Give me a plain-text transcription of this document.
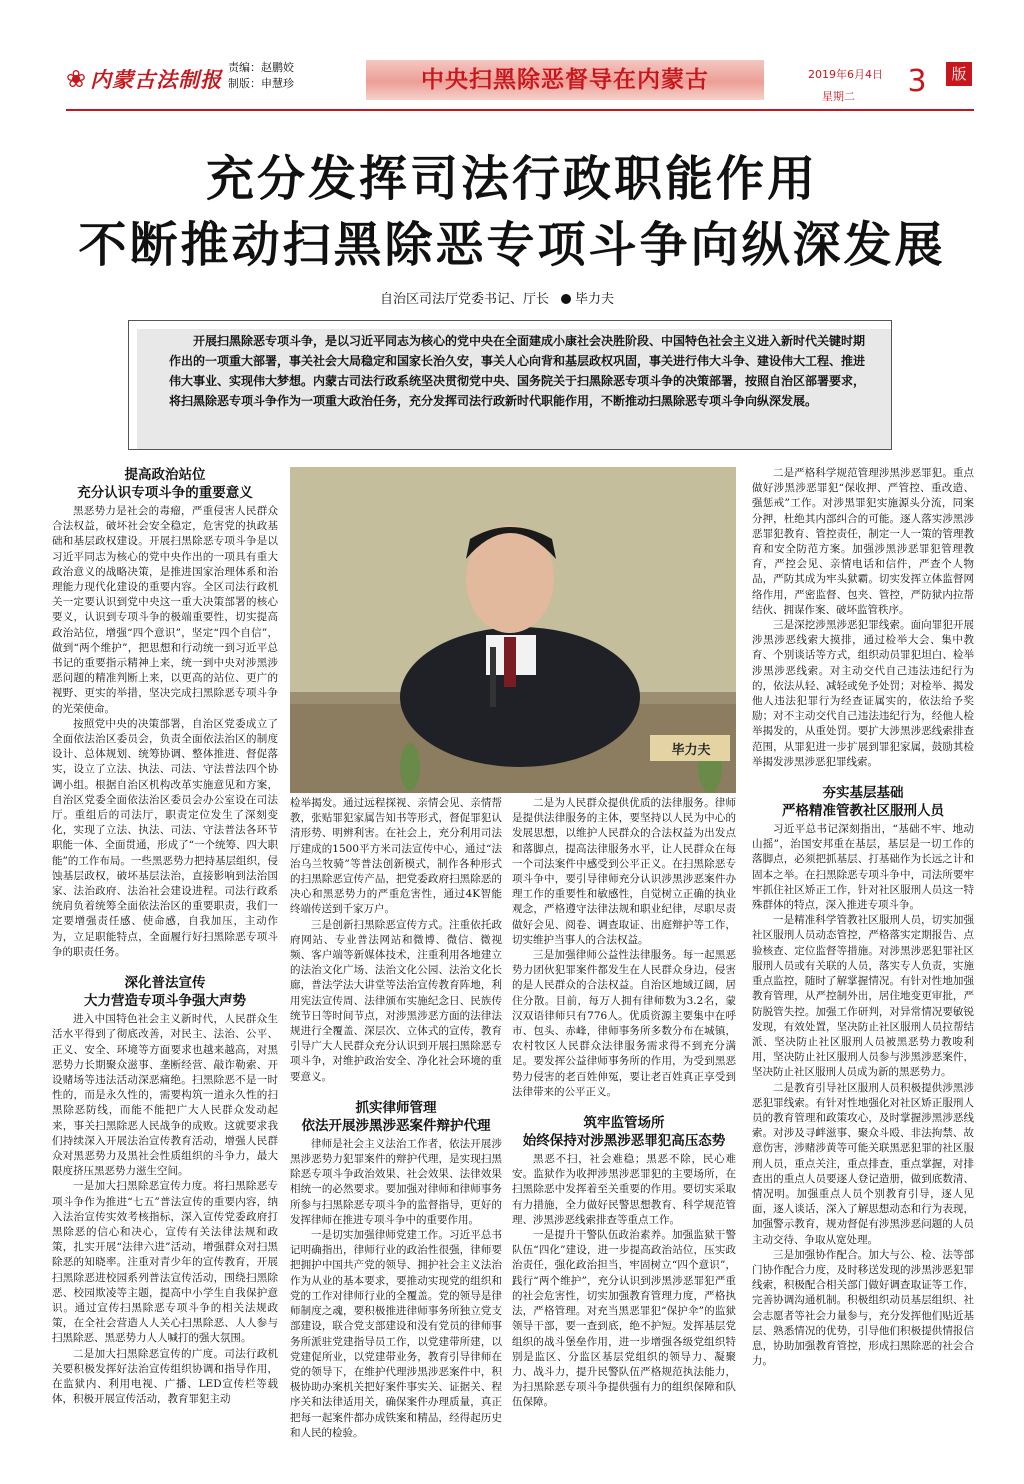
❀ 内蒙古法制报
责编：赵鹏姣
制版：申慧珍	中央扫黑除恶督导在内蒙古	2019年6月4日
星期二	3	版
充分发挥司法行政职能作用
不断推动扫黑除恶专项斗争向纵深发展
自治区司法厅党委书记、厅长 毕力夫

开展扫黑除恶专项斗争，是以习近平同志为核心的党中央在全面建成小康社会决胜阶段、中国特色社会主义进入新时代关键时期作出的一项重大部署，事关社会大局稳定和国家长治久安，事关人心向背和基层政权巩固，事关进行伟大斗争、建设伟大工程、推进伟大事业、实现伟大梦想。内蒙古司法行政系统坚决贯彻党中央、国务院关于扫黑除恶专项斗争的决策部署，按照自治区部署要求，将扫黑除恶专项斗争作为一项重大政治任务，充分发挥司法行政新时代职能作用，不断推动扫黑除恶专项斗争向纵深发展。

提高政治站位
充分认识专项斗争的重要意义

黑恶势力是社会的毒瘤，严重侵害人民群众合法权益，破坏社会安全稳定，危害党的执政基础和基层政权建设。开展扫黑除恶专项斗争是以习近平同志为核心的党中央作出的一项具有重大政治意义的战略决策，是推进国家治理体系和治理能力现代化建设的重要内容。全区司法行政机关一定要认识到党中央这一重大决策部署的核心要义，认识到专项斗争的极端重要性，切实提高政治站位，增强“四个意识”，坚定“四个自信”，做到“两个维护”，把思想和行动统一到习近平总书记的重要指示精神上来，统一到中央对涉黑涉恶问题的精准判断上来，以更高的站位、更广的视野、更实的举措，坚决完成扫黑除恶专项斗争的光荣使命。

按照党中央的决策部署，自治区党委成立了全面依法治区委员会，负责全面依法治区的制度设计、总体规划、统筹协调、整体推进、督促落实，设立了立法、执法、司法、守法普法四个协调小组。根据自治区机构改革实施意见和方案，自治区党委全面依法治区委员会办公室设在司法厅。重组后的司法厅，职责定位发生了深刻变化，实现了立法、执法、司法、守法普法各环节职能一体、全面贯通，形成了“一个统筹、四大职能”的工作布局。一些黑恶势力把持基层组织，侵蚀基层政权，破坏基层法治，直接影响到法治国家、法治政府、法治社会建设进程。司法行政系统肩负着统筹全面依法治区的重要职责，我们一定要增强责任感、使命感，自我加压，主动作为，立足职能特点，全面履行好扫黑除恶专项斗争的职责任务。

深化普法宣传
大力营造专项斗争强大声势

进入中国特色社会主义新时代，人民群众生活水平得到了彻底改善，对民主、法治、公平、正义、安全、环境等方面要求也越来越高，对黑恶势力长期聚众滋事、垄断经营、敲诈勒索、开设赌场等违法活动深恶痛绝。扫黑除恶不是一时性的，而是永久性的，需要构筑一道永久性的扫黑除恶防线，而能不能把广大人民群众发动起来，事关扫黑除恶人民战争的成败。这就要求我们持续深入开展法治宣传教育活动，增强人民群众对黑恶势力及黑社会性质组织的斗争力，最大限度挤压黑恶势力滋生空间。

一是加大扫黑除恶宣传力度。将扫黑除恶专项斗争作为推进“七五”普法宣传的重要内容，纳入法治宣传实效考核指标，深入宣传党委政府打黑除恶的信心和决心，宣传有关法律法规和政策，扎实开展“法律六进”活动，增强群众对扫黑除恶的知晓率。注重对青少年的宣传教育，开展扫黑除恶进校园系列普法宣传活动，围绕扫黑除恶、校园欺凌等主题，提高中小学生自我保护意识。通过宣传扫黑除恶专项斗争的相关法规政策，在全社会营造人人关心扫黑除恶、人人参与扫黑除恶、黑恶势力人人喊打的强大氛围。

二是加大扫黑除恶宣传的广度。司法行政机关要积极发挥好法治宣传组织协调和指导作用，在监狱内、利用电视、广播、LED宣传栏等载体，积极开展宣传活动，教育罪犯主动

毕力夫

检举揭发。通过远程探视、亲情会见、亲情帮教，张贴罪犯家属告知书等形式，督促罪犯认清形势、明辨利害。在社会上，充分利用司法厅建成的1500平方米司法宣传中心，通过“法治乌兰牧骑”等普法创新模式，制作各种形式的扫黑除恶宣传产品，把党委政府扫黑除恶的决心和黑恶势力的严重危害性，通过4K智能终端传送到千家万户。

三是创新扫黑除恶宣传方式。注重依托政府网站、专业普法网站和微博、微信、微视频、客户端等新媒体技术，注重利用各地建立的法治文化广场、法治文化公园、法治文化长廊，普法学法大讲堂等法治宣传教育阵地，利用宪法宣传周、法律颁布实施纪念日、民族传统节日等时间节点，对涉黑涉恶方面的法律法规进行全覆盖、深层次、立体式的宣传，教育引导广大人民群众充分认识到开展扫黑除恶专项斗争，对维护政治安全、净化社会环境的重要意义。

抓实律师管理
依法开展涉黑涉恶案件辩护代理

律师是社会主义法治工作者，依法开展涉黑涉恶势力犯罪案件的辩护代理，是实现扫黑除恶专项斗争政治效果、社会效果、法律效果相统一的必然要求。要加强对律师和律师事务所参与扫黑除恶专项斗争的监督指导，更好的发挥律师在推进专项斗争中的重要作用。

一是切实加强律师党建工作。习近平总书记明确指出，律师行业的政治性很强，律师要把拥护中国共产党的领导、拥护社会主义法治作为从业的基本要求，要推动实现党的组织和党的工作对律师行业的全覆盖。党的领导是律师制度之魂，要积极推进律师事务所独立党支部建设，联合党支部建设和没有党员的律师事务所派驻党建指导员工作，以党建带所建，以党建促所业，以党建带业务，教育引导律师在党的领导下，在维护代理涉黑涉恶案件中，积极协助办案机关把好案件事实关、证据关、程序关和法律适用关，确保案件办理质量，真正把每一起案件都办成铁案和精品，经得起历史和人民的检验。

二是为人民群众提供优质的法律服务。律师是提供法律服务的主体，要坚持以人民为中心的发展思想，以维护人民群众的合法权益为出发点和落脚点，提高法律服务水平，让人民群众在每一个司法案件中感受到公平正义。在扫黑除恶专项斗争中，要引导律师充分认识涉黑涉恶案件办理工作的重要性和敏感性，自觉树立正确的执业观念，严格遵守法律法规和职业纪律，尽职尽责做好会见、阅卷、调查取证、出庭辩护等工作，切实维护当事人的合法权益。

三是加强律师公益性法律服务。每一起黑恶势力团伙犯罪案件都发生在人民群众身边，侵害的是人民群众的合法权益。自治区地域辽阔，居住分散。目前，每万人拥有律师数为3.2名，蒙汉双语律师只有776人。优质资源主要集中在呼市、包头、赤峰，律师事务所多数分布在城镇，农村牧区人民群众法律服务需求得不到充分满足。要发挥公益律师事务所的作用，为受到黑恶势力侵害的老百姓伸冤，要让老百姓真正享受到法律带来的公平正义。

筑牢监管场所
始终保持对涉黑涉恶罪犯高压态势

黑恶不扫，社会难稳；黑恶不除，民心难安。监狱作为收押涉黑涉恶罪犯的主要场所，在扫黑除恶中发挥着至关重要的作用。要切实采取有力措施，全力做好民警思想教育、科学规范管理、涉黑涉恶线索排查等重点工作。

一是提升干警队伍政治素养。加强监狱干警队伍“四化”建设，进一步提高政治站位，压实政治责任，强化政治担当，牢固树立“四个意识”，践行“两个维护”，充分认识到涉黑涉恶罪犯严重的社会危害性，切实加强教育管理力度，严格执法，严格管理。对充当黑恶罪犯“保护伞”的监狱领导干部，要一查到底，绝不护短。发挥基层党组织的战斗堡垒作用，进一步增强各级党组织特别是监区、分监区基层党组织的领导力、凝聚力、战斗力，提升民警队伍严格规范执法能力，为扫黑除恶专项斗争提供强有力的组织保障和队伍保障。

二是严格科学规范管理涉黑涉恶罪犯。重点做好涉黑涉恶罪犯“保收押、严管控、重改造、强惩戒”工作。对涉黑罪犯实施源头分流，同案分押，杜绝其内部纠合的可能。逐人落实涉黑涉恶罪犯教育、管控责任，制定一人一策的管理教育和安全防范方案。加强涉黑涉恶罪犯管理教育，严控会见、亲情电话和信件，严查个人物品，严防其成为牢头狱霸。切实发挥立体监督网络作用，严密监督、包夹、管控，严防狱内拉帮结伙、拥谋作案、破坏监管秩序。

三是深挖涉黑涉恶犯罪线索。面向罪犯开展涉黑涉恶线索大摸排，通过检举大会、集中教育、个别谈话等方式，组织动员罪犯坦白、检举涉黑涉恶线索。对主动交代自己违法违纪行为的，依法从轻、减轻或免予处罚；对检举、揭发他人违法犯罪行为经查证属实的，依法给予奖励；对不主动交代自己违法违纪行为，经他人检举揭发的，从重处罚。要扩大涉黑涉恶线索排查范围，从罪犯进一步扩展到罪犯家属，鼓励其检举揭发涉黑涉恶犯罪线索。

夯实基层基础
严格精准管教社区服刑人员

习近平总书记深刻指出，“基础不牢、地动山摇”，治国安邦重在基层，基层是一切工作的落脚点，必须把抓基层、打基础作为长远之计和固本之举。在扫黑除恶专项斗争中，司法所要牢牢抓住社区矫正工作，针对社区服刑人员这一特殊群体的特点，深入推进专项斗争。

一是精准科学管教社区服刑人员，切实加强社区服刑人员动态管控，严格落实定期报告、点验核查、定位监督等措施。对涉黑涉恶犯罪社区服刑人员或有关联的人员，落实专人负责，实施重点监控，随时了解掌握情况。有针对性地加强教育管理，从严控制外出，居住地变更审批，严防脱管失控。加强工作研判，对异常情况要敏锐发现，有效处置，坚决防止社区服刑人员拉帮结派、坚决防止社区服刑人员被黑恶势力教唆利用，坚决防止社区服刑人员参与涉黑涉恶案件，坚决防止社区服刑人员成为新的黑恶势力。

二是教育引导社区服刑人员积极提供涉黑涉恶犯罪线索。有针对性地强化对社区矫正服刑人员的教育管理和政策攻心，及时掌握涉黑涉恶线索。对涉及寻衅滋事、聚众斗殴、非法拘禁、故意伤害，涉赌涉黄等可能关联黑恶犯罪的社区服刑人员，重点关注，重点排查，重点掌握，对排查出的重点人员要逐人登记造册，做到底数清、情况明。加强重点人员个别教育引导，逐人见面，逐人谈话，深入了解思想动态和行为表现，加强警示教育，规劝督促有涉黑涉恶问题的人员主动交待、争取从宽处理。

三是加强协作配合。加大与公、检、法等部门协作配合力度，及时移送发现的涉黑涉恶犯罪线索，积极配合相关部门做好调查取证等工作，完善协调沟通机制。积极组织动员基层组织、社会志愿者等社会力量参与，充分发挥他们贴近基层、熟悉情况的优势，引导他们积极提供情报信息，协助加强教育管控，形成扫黑除恶的社会合力。
